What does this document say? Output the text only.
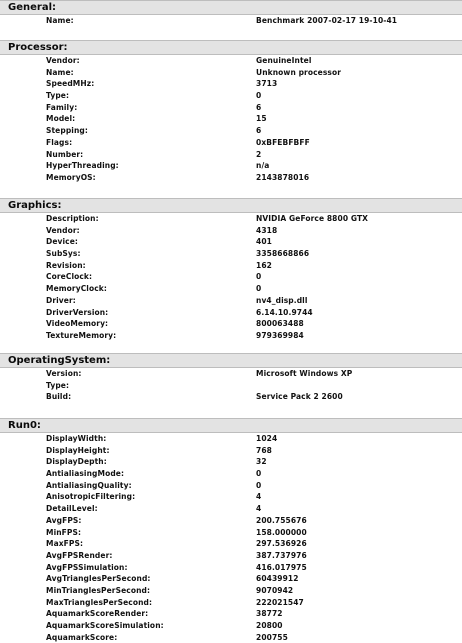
General:
Name:	Benchmark 2007-02-17 19-10-41
Processor:
Vendor:	GenuineIntel
Name:	Unknown processor
SpeedMHz:	3713
Type:	0
Family:	6
Model:	15
Stepping:	6
Flags:	0xBFEBFBFF
Number:	2
HyperThreading:	n/a
MemoryOS:	2143878016
Graphics:
Description:	NVIDIA GeForce 8800 GTX
Vendor:	4318
Device:	401
SubSys:	3358668866
Revision:	162
CoreClock:	0
MemoryClock:	0
Driver:	nv4_disp.dll
DriverVersion:	6.14.10.9744
VideoMemory:	800063488
TextureMemory:	979369984
OperatingSystem:
Version:	Microsoft Windows XP
Type:
Build:	Service Pack 2 2600
Run0:
DisplayWidth:	1024
DisplayHeight:	768
DisplayDepth:	32
AntialiasingMode:	0
AntialiasingQuality:	0
AnisotropicFiltering:	4
DetailLevel:	4
AvgFPS:	200.755676
MinFPS:	158.000000
MaxFPS:	297.536926
AvgFPSRender:	387.737976
AvgFPSSimulation:	416.017975
AvgTrianglesPerSecond:	60439912
MinTrianglesPerSecond:	9070942
MaxTrianglesPerSecond:	222021547
AquamarkScoreRender:	38772
AquamarkScoreSimulation:	20800
AquamarkScore:	200755
